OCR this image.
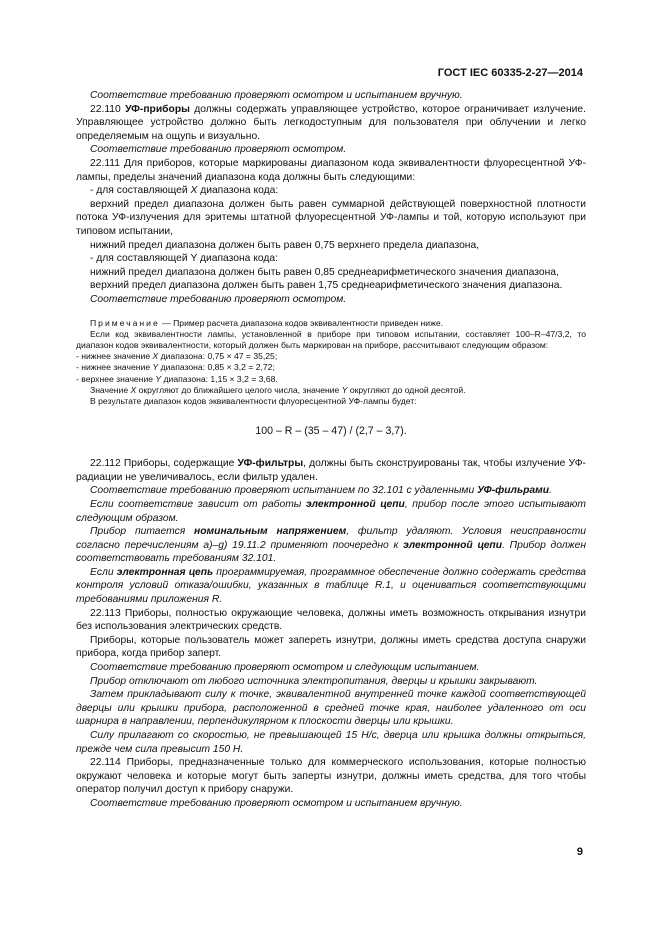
ГОСТ IEC 60335-2-27—2014

Соответствие требованию проверяют осмотром и испытанием вручную.

22.110 УФ-приборы должны содержать управляющее устройство, которое ограничивает излучение. Управляющее устройство должно быть легкодоступным для пользователя при облучении и легко определяемым на ощупь и визуально.

Соответствие требованию проверяют осмотром.

22.111 Для приборов, которые маркированы диапазоном кода эквивалентности флуоресцентной УФ-лампы, пределы значений диапазона кода должны быть следующими:

- для составляющей X диапазона кода:

верхний предел диапазона должен быть равен суммарной действующей поверхностной плотности потока УФ-излучения для эритемы штатной флуоресцентной УФ-лампы и той, которую используют при типовом испытании,

нижний предел диапазона должен быть равен 0,75 верхнего предела диапазона,

- для составляющей Y диапазона кода:

нижний предел диапазона должен быть равен 0,85 среднеарифметического значения диапазона,

верхний предел диапазона должен быть равен 1,75 среднеарифметического значения диапазона.

Соответствие требованию проверяют осмотром.

Примечание — Пример расчета диапазона кодов эквивалентности приведен ниже.

Если код эквивалентности лампы, установленной в приборе при типовом испытании, составляет 100–R–47/3,2, то диапазон кодов эквивалентности, который должен быть маркирован на приборе, рассчитывают следующим образом:

- нижнее значение X диапазона: 0,75 × 47 = 35,25;

- нижнее значение Y диапазона: 0,85 × 3,2 = 2,72;

- верхнее значение Y диапазона: 1,15 × 3,2 = 3,68.

Значение X округляют до ближайшего целого числа, значение Y округляют до одной десятой.

В результате диапазон кодов эквивалентности флуоресцентной УФ-лампы будет:

100 – R – (35 – 47) / (2,7 – 3,7).

22.112 Приборы, содержащие УФ-фильтры, должны быть сконструированы так, чтобы излучение УФ-радиации не увеличивалось, если фильтр удален.

Соответствие требованию проверяют испытанием по 32.101 с удаленными УФ-фильрами.

Если соответствие зависит от работы электронной цепи, прибор после этого испытывают следующим образом.

Прибор питается номинальным напряжением, фильтр удаляют. Условия неисправности согласно перечислениям a)–g) 19.11.2 применяют поочередно к электронной цепи. Прибор должен соответствовать требованиям 32.101.

Если электронная цепь программируемая, программное обеспечение должно содержать средства контроля условий отказа/ошибки, указанных в таблице R.1, и оцениваться соответствующими требованиями приложения R.

22.113 Приборы, полностью окружающие человека, должны иметь возможность открывания изнутри без использования электрических средств.

Приборы, которые пользователь может запереть изнутри, должны иметь средства доступа снаружи прибора, когда прибор заперт.

Соответствие требованию проверяют осмотром и следующим испытанием.

Прибор отключают от любого источника электропитания, дверцы и крышки закрывают.

Затем прикладывают силу к точке, эквивалентной внутренней точке каждой соответствующей дверцы или крышки прибора, расположенной в средней точке края, наиболее удаленного от оси шарнира в направлении, перпендикулярном к плоскости дверцы или крышки.

Силу прилагают со скоростью, не превышающей 15 Н/с, дверца или крышка должны открыться, прежде чем сила превысит 150 Н.

22.114 Приборы, предназначенные только для коммерческого использования, которые полностью окружают человека и которые могут быть заперты изнутри, должны иметь средства, для того чтобы оператор получил доступ к прибору снаружи.

Соответствие требованию проверяют осмотром и испытанием вручную.

9
